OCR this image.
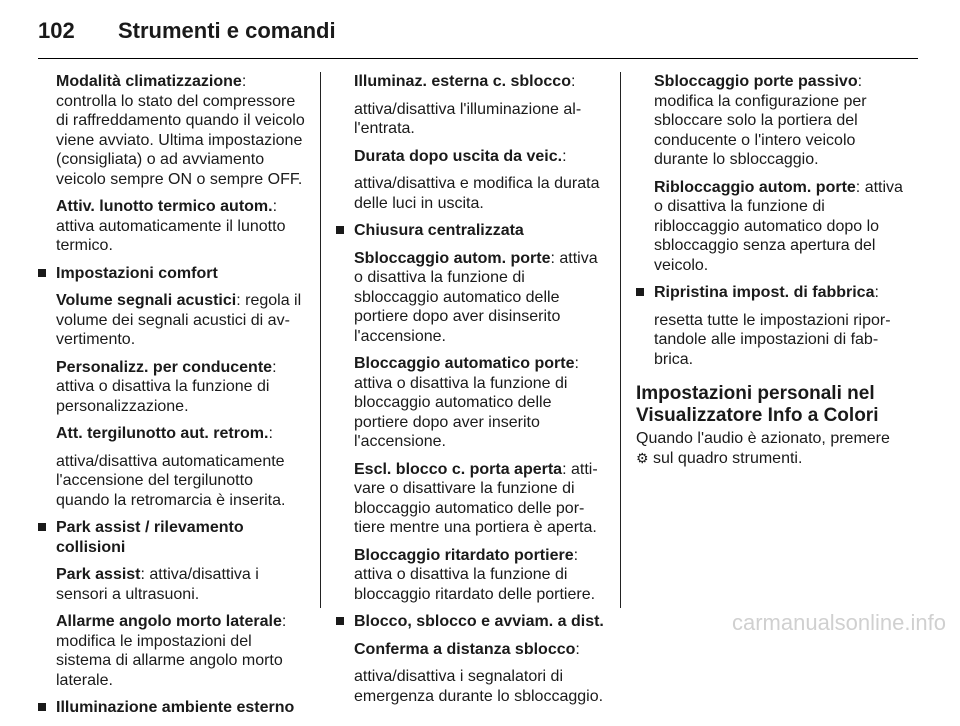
102 Strumenti e comandi

Modalità climatizzazione: controlla lo stato del compressore di raffreddamento quando il veicolo viene avviato. Ultima impostazione (consigliata) o ad avviamento veicolo sempre ON o sempre OFF.

Attiv. lunotto termico autom.: attiva automaticamente il lunotto termico.

Impostazioni comfort

Volume segnali acustici: regola il volume dei segnali acustici di avvertimento.

Personalizz. per conducente: attiva o disattiva la funzione di personalizzazione.

Att. tergilunotto aut. retrom.:

attiva/disattiva automaticamente l'accensione del tergilunotto quando la retromarcia è inserita.

Park assist / rilevamento collisioni

Park assist: attiva/disattiva i sensori a ultrasuoni.

Allarme angolo morto laterale: modifica le impostazioni del sistema di allarme angolo morto laterale.

Illuminazione ambiente esterno

Illuminaz. esterna c. sblocco:

attiva/disattiva l'illuminazione all'entrata.

Durata dopo uscita da veic.:

attiva/disattiva e modifica la durata delle luci in uscita.

Chiusura centralizzata

Sbloccaggio autom. porte: attiva o disattiva la funzione di sbloccaggio automatico delle portiere dopo aver disinserito l'accensione.

Bloccaggio automatico porte: attiva o disattiva la funzione di bloccaggio automatico delle portiere dopo aver inserito l'accensione.

Escl. blocco c. porta aperta: attivare o disattivare la funzione di bloccaggio automatico delle portiere mentre una portiera è aperta.

Bloccaggio ritardato portiere: attiva o disattiva la funzione di bloccaggio ritardato delle portiere.

Blocco, sblocco e avviam. a dist.

Conferma a distanza sblocco:

attiva/disattiva i segnalatori di emergenza durante lo sbloccaggio.

Sbloccaggio porte passivo: modifica la configurazione per sbloccare solo la portiera del conducente o l'intero veicolo durante lo sbloccaggio.

Ribloccaggio autom. porte: attiva o disattiva la funzione di ribloccaggio automatico dopo lo sbloccaggio senza apertura del veicolo.

Ripristina impost. di fabbrica:

resetta tutte le impostazioni riportandole alle impostazioni di fabbrica.

Impostazioni personali nel Visualizzatore Info a Colori

Quando l'audio è azionato, premere ⚙ sul quadro strumenti.

carmanualsonline.info
